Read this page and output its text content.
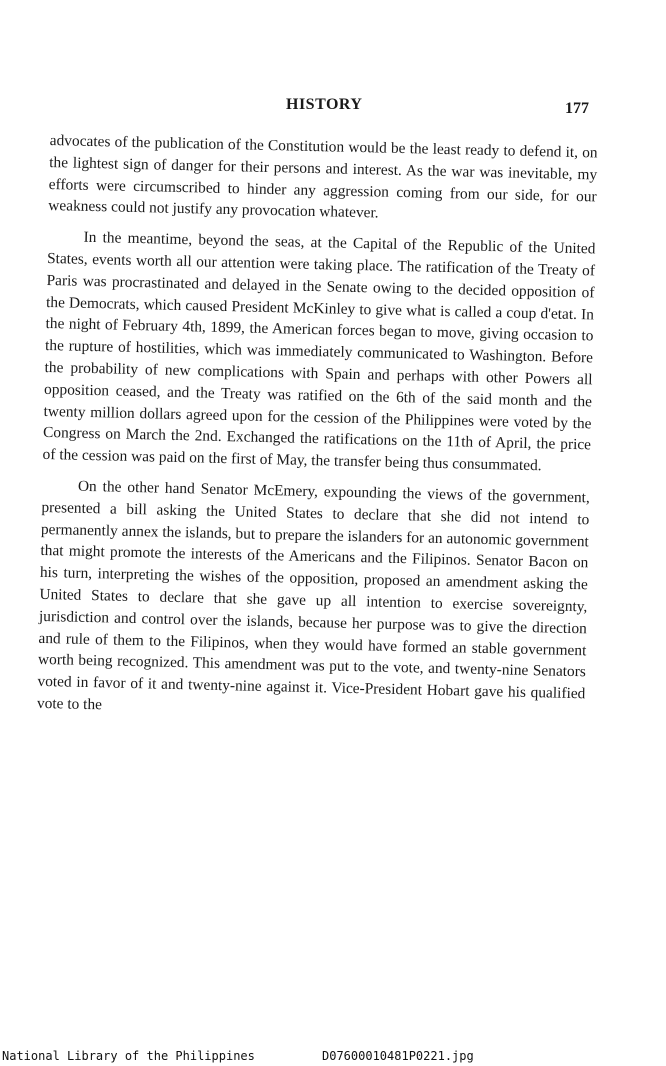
HISTORY	177

advocates of the publication of the Constitution would be the least ready to defend it, on the lightest sign of danger for their persons and interest. As the war was inevitable, my efforts were circumscribed to hinder any aggression coming from our side, for our weakness could not justify any provocation whatever.

In the meantime, beyond the seas, at the Capital of the Republic of the United States, events worth all our attention were taking place. The ratification of the Treaty of Paris was procrastinated and delayed in the Senate owing to the decided opposition of the Democrats, which caused President McKinley to give what is called a coup d'etat. In the night of February 4th, 1899, the American forces began to move, giving occasion to the rupture of hostilities, which was immediately communicated to Washington. Before the probability of new complications with Spain and perhaps with other Powers all opposition ceased, and the Treaty was ratified on the 6th of the said month and the twenty million dollars agreed upon for the cession of the Philippines were voted by the Congress on March the 2nd. Exchanged the ratifications on the 11th of April, the price of the cession was paid on the first of May, the transfer being thus consummated.

On the other hand Senator McEmery, expounding the views of the government, presented a bill asking the United States to declare that she did not intend to permanently annex the islands, but to prepare the islanders for an autonomic government that might promote the interests of the Americans and the Filipinos. Senator Bacon on his turn, interpreting the wishes of the opposition, proposed an amendment asking the United States to declare that she gave up all intention to exercise sovereignty, jurisdiction and control over the islands, because her purpose was to give the direction and rule of them to the Filipinos, when they would have formed an stable government worth being recognized. This amendment was put to the vote, and twenty-nine Senators voted in favor of it and twenty-nine against it. Vice-President Hobart gave his qualified vote to the

National Library of the Philippines	D07600010481P0221.jpg
